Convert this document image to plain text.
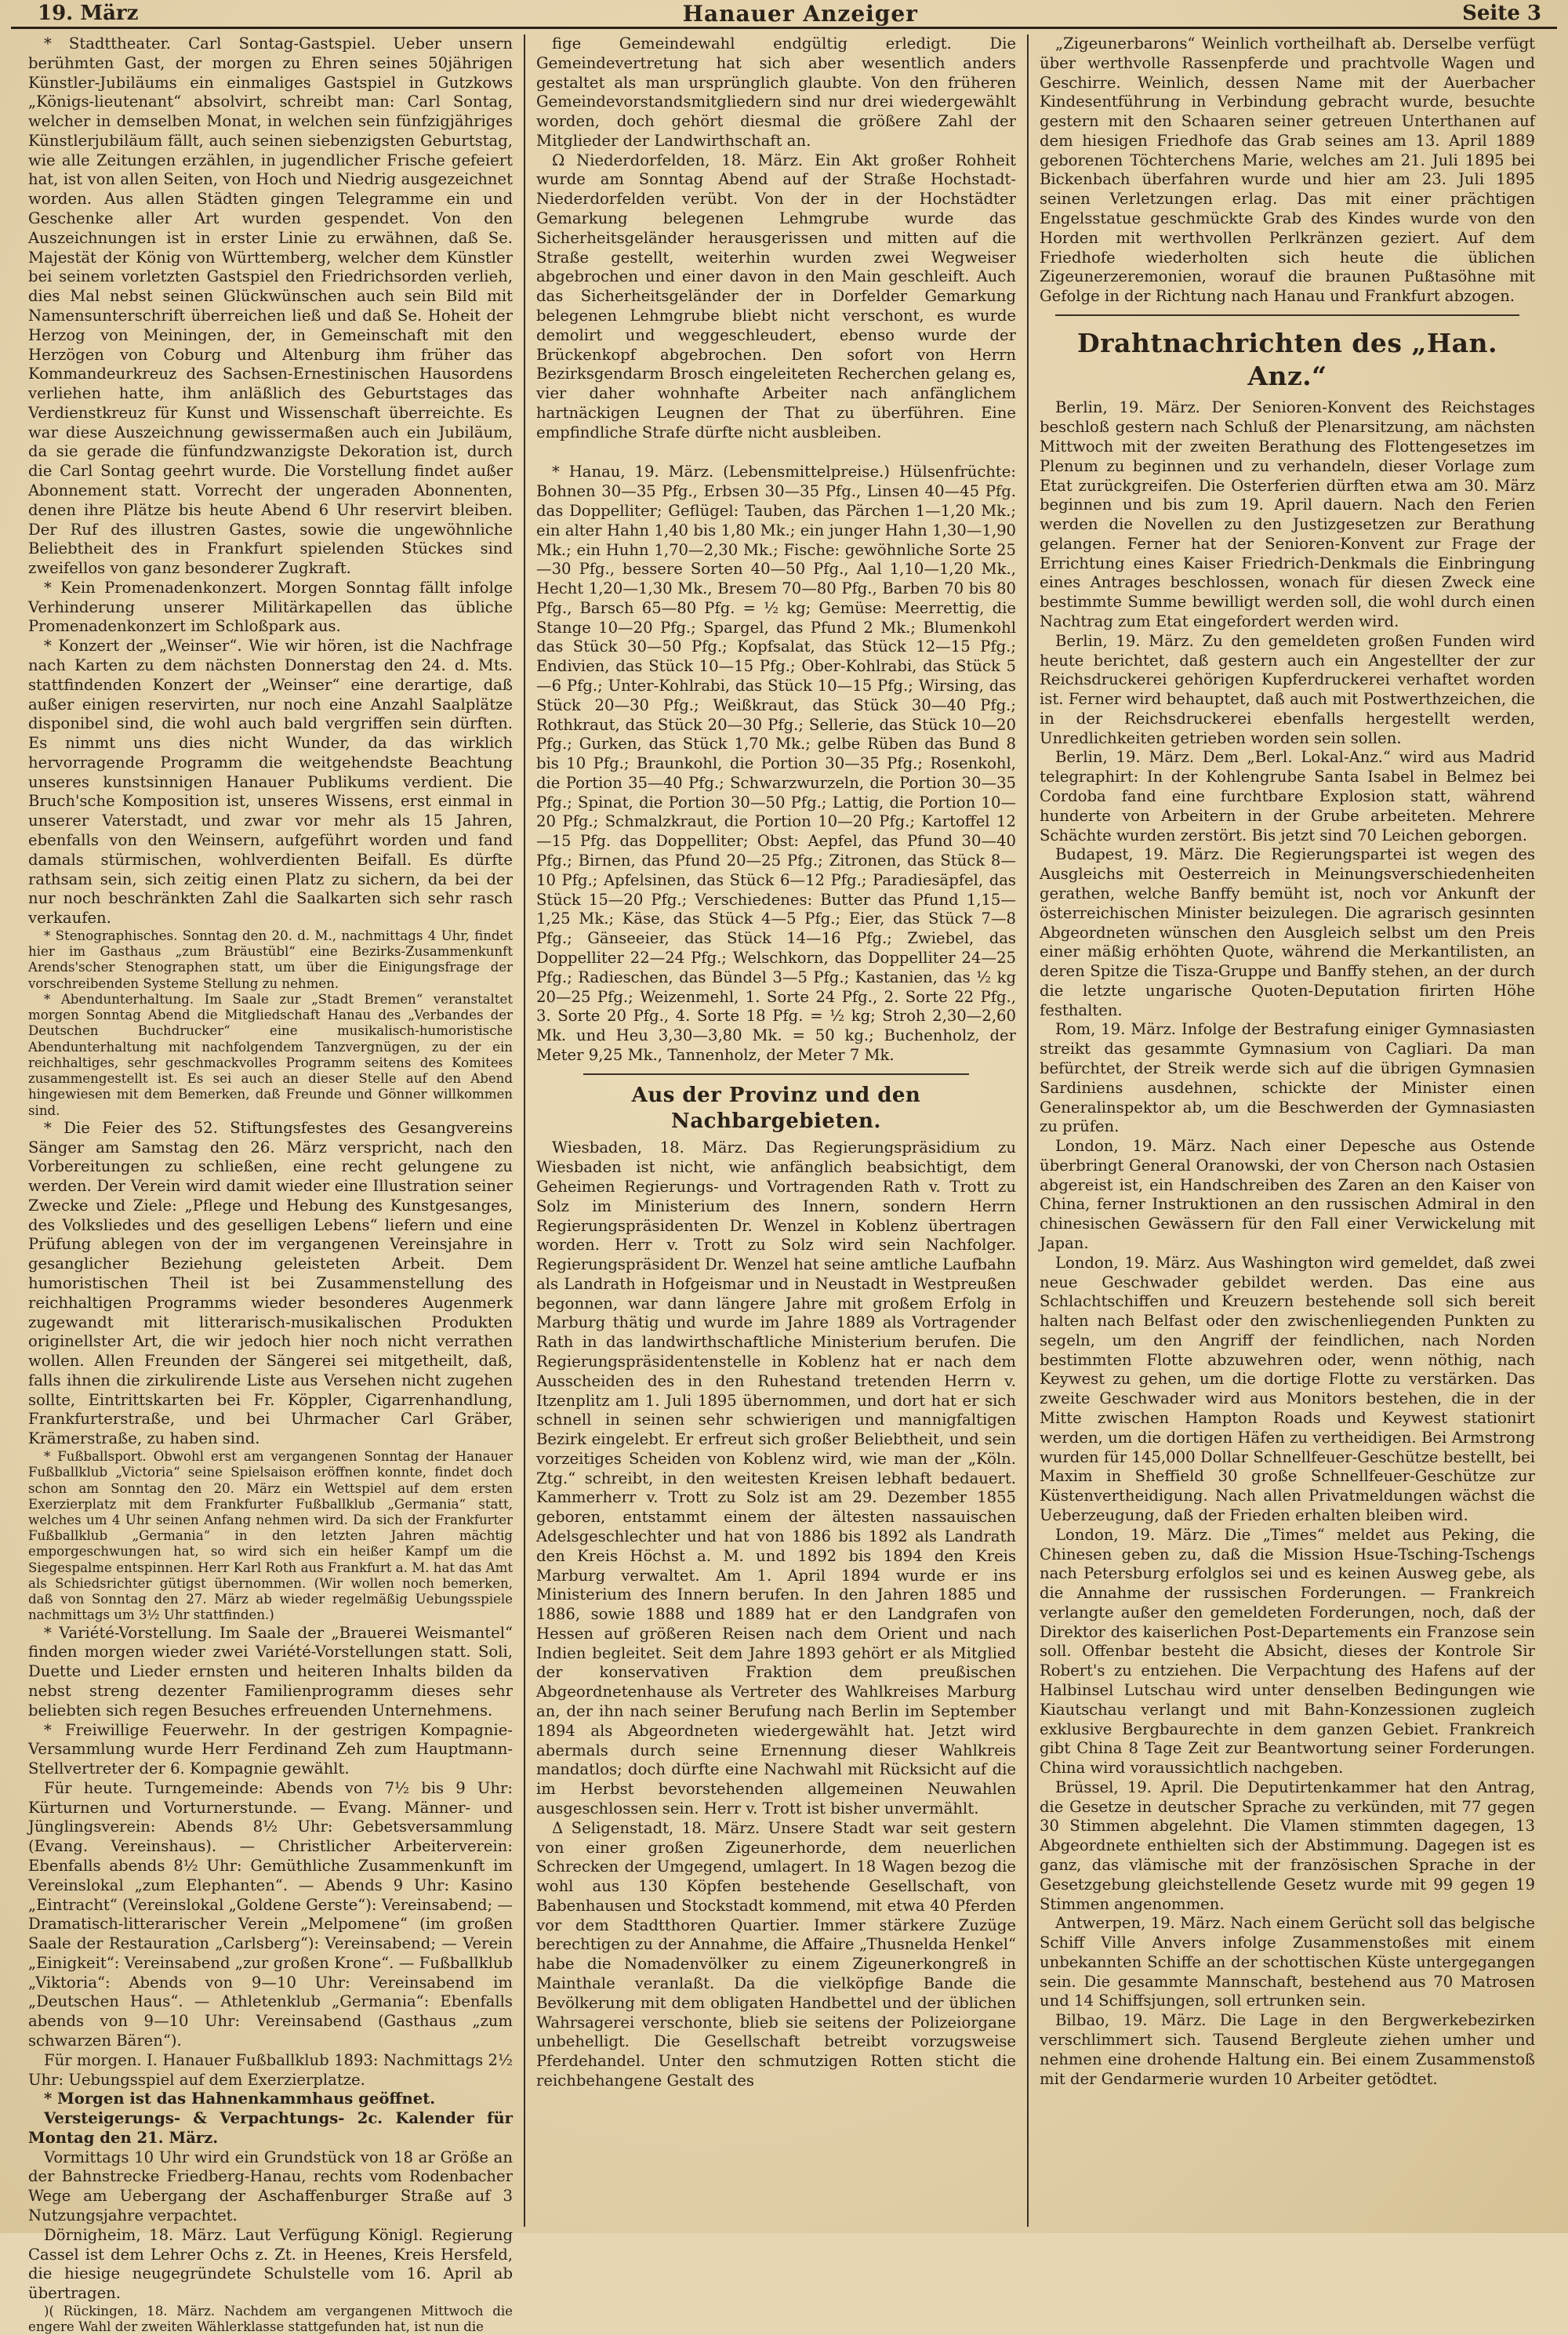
19. März	Hanauer Anzeiger	Seite 3

* Stadttheater. Carl Sontag-Gastspiel. Ueber unsern berühmten Gast, der morgen zu Ehren seines 50jährigen Künstler-Jubiläums ein einmaliges Gastspiel in Gutzkows „Königs-lieutenant“ absolvirt, schreibt man: Carl Sontag, welcher in demselben Monat, in welchen sein fünfzigjähriges Künstlerjubiläum fällt, auch seinen siebenzigsten Geburtstag, wie alle Zeitungen erzählen, in jugendlicher Frische gefeiert hat, ist von allen Seiten, von Hoch und Niedrig ausgezeichnet worden. Aus allen Städten gingen Telegramme ein und Geschenke aller Art wurden gespendet. Von den Auszeichnungen ist in erster Linie zu erwähnen, daß Se. Majestät der König von Württemberg, welcher dem Künstler bei seinem vorletzten Gastspiel den Friedrichsorden verlieh, dies Mal nebst seinen Glückwünschen auch sein Bild mit Namensunterschrift überreichen ließ und daß Se. Hoheit der Herzog von Meiningen, der, in Gemeinschaft mit den Herzögen von Coburg und Altenburg ihm früher das Kommandeurkreuz des Sachsen-Ernestinischen Hausordens verliehen hatte, ihm anläßlich des Geburtstages das Verdienstkreuz für Kunst und Wissenschaft überreichte. Es war diese Auszeichnung gewissermaßen auch ein Jubiläum, da sie gerade die fünfundzwanzigste Dekoration ist, durch die Carl Sontag geehrt wurde. Die Vorstellung findet außer Abonnement statt. Vorrecht der ungeraden Abonnenten, denen ihre Plätze bis heute Abend 6 Uhr reservirt bleiben. Der Ruf des illustren Gastes, sowie die ungewöhnliche Beliebtheit des in Frankfurt spielenden Stückes sind zweifellos von ganz besonderer Zugkraft.

* Kein Promenadenkonzert. Morgen Sonntag fällt infolge Verhinderung unserer Militärkapellen das übliche Promenadenkonzert im Schloßpark aus.

* Konzert der „Weinser“. Wie wir hören, ist die Nachfrage nach Karten zu dem nächsten Donnerstag den 24. d. Mts. stattfindenden Konzert der „Weinser“ eine derartige, daß außer einigen reservirten, nur noch eine Anzahl Saalplätze disponibel sind, die wohl auch bald vergriffen sein dürften. Es nimmt uns dies nicht Wunder, da das wirklich hervorragende Programm die weitgehendste Beachtung unseres kunstsinnigen Hanauer Publikums verdient. Die Bruch'sche Komposition ist, unseres Wissens, erst einmal in unserer Vaterstadt, und zwar vor mehr als 15 Jahren, ebenfalls von den Weinsern, aufgeführt worden und fand damals stürmischen, wohlverdienten Beifall. Es dürfte rathsam sein, sich zeitig einen Platz zu sichern, da bei der nur noch beschränkten Zahl die Saalkarten sich sehr rasch verkaufen.

* Stenographisches. Sonntag den 20. d. M., nachmittags 4 Uhr, findet hier im Gasthaus „zum Bräustübl“ eine Bezirks-Zusammenkunft Arends'scher Stenographen statt, um über die Einigungsfrage der vorschreibenden Systeme Stellung zu nehmen.

* Abendunterhaltung. Im Saale zur „Stadt Bremen“ veranstaltet morgen Sonntag Abend die Mitgliedschaft Hanau des „Verbandes der Deutschen Buchdrucker“ eine musikalisch-humoristische Abendunterhaltung mit nachfolgendem Tanzvergnügen, zu der ein reichhaltiges, sehr geschmackvolles Programm seitens des Komitees zusammengestellt ist. Es sei auch an dieser Stelle auf den Abend hingewiesen mit dem Bemerken, daß Freunde und Gönner willkommen sind.

* Die Feier des 52. Stiftungsfestes des Gesangvereins Sänger am Samstag den 26. März verspricht, nach den Vorbereitungen zu schließen, eine recht gelungene zu werden. Der Verein wird damit wieder eine Illustration seiner Zwecke und Ziele: „Pflege und Hebung des Kunstgesanges, des Volksliedes und des geselligen Lebens“ liefern und eine Prüfung ablegen von der im vergangenen Vereinsjahre in gesanglicher Beziehung geleisteten Arbeit. Dem humoristischen Theil ist bei Zusammenstellung des reichhaltigen Programms wieder besonderes Augenmerk zugewandt mit litterarisch-musikalischen Produkten originellster Art, die wir jedoch hier noch nicht verrathen wollen. Allen Freunden der Sängerei sei mitgetheilt, daß, falls ihnen die zirkulirende Liste aus Versehen nicht zugehen sollte, Eintrittskarten bei Fr. Köppler, Cigarrenhandlung, Frankfurterstraße, und bei Uhrmacher Carl Gräber, Krämerstraße, zu haben sind.

* Fußballsport. Obwohl erst am vergangenen Sonntag der Hanauer Fußballklub „Victoria“ seine Spielsaison eröffnen konnte, findet doch schon am Sonntag den 20. März ein Wettspiel auf dem ersten Exerzierplatz mit dem Frankfurter Fußballklub „Germania“ statt, welches um 4 Uhr seinen Anfang nehmen wird. Da sich der Frankfurter Fußballklub „Germania“ in den letzten Jahren mächtig emporgeschwungen hat, so wird sich ein heißer Kampf um die Siegespalme entspinnen. Herr Karl Roth aus Frankfurt a. M. hat das Amt als Schiedsrichter gütigst übernommen. (Wir wollen noch bemerken, daß von Sonntag den 27. März ab wieder regelmäßig Uebungsspiele nachmittags um 3½ Uhr stattfinden.)

* Variété-Vorstellung. Im Saale der „Brauerei Weismantel“ finden morgen wieder zwei Variété-Vorstellungen statt. Soli, Duette und Lieder ernsten und heiteren Inhalts bilden da nebst streng dezenter Familienprogramm dieses sehr beliebten sich regen Besuches erfreuenden Unternehmens.

* Freiwillige Feuerwehr. In der gestrigen Kompagnie-Versammlung wurde Herr Ferdinand Zeh zum Hauptmann-Stellvertreter der 6. Kompagnie gewählt.

Für heute. Turngemeinde: Abends von 7½ bis 9 Uhr: Kürturnen und Vorturnerstunde. — Evang. Männer- und Jünglingsverein: Abends 8½ Uhr: Gebetsversammlung (Evang. Vereinshaus). — Christlicher Arbeiterverein: Ebenfalls abends 8½ Uhr: Gemüthliche Zusammenkunft im Vereinslokal „zum Elephanten“. — Abends 9 Uhr: Kasino „Eintracht“ (Vereinslokal „Goldene Gerste“): Vereinsabend; — Dramatisch-litterarischer Verein „Melpomene“ (im großen Saale der Restauration „Carlsberg“): Vereinsabend; — Verein „Einigkeit“: Vereinsabend „zur großen Krone“. — Fußballklub „Viktoria“: Abends von 9—10 Uhr: Vereinsabend im „Deutschen Haus“. — Athletenklub „Germania“: Ebenfalls abends von 9—10 Uhr: Vereinsabend (Gasthaus „zum schwarzen Bären“).

Für morgen. I. Hanauer Fußballklub 1893: Nachmittags 2½ Uhr: Uebungsspiel auf dem Exerzierplatze.

* Morgen ist das Hahnenkammhaus geöffnet.

Versteigerungs- & Verpachtungs- 2c. Kalender für Montag den 21. März.

Vormittags 10 Uhr wird ein Grundstück von 18 ar Größe an der Bahnstrecke Friedberg-Hanau, rechts vom Rodenbacher Wege am Uebergang der Aschaffenburger Straße auf 3 Nutzungsjahre verpachtet.

Dörnigheim, 18. März. Laut Verfügung Königl. Regierung Cassel ist dem Lehrer Ochs z. Zt. in Heenes, Kreis Hersfeld, die hiesige neugegründete Schulstelle vom 16. April ab übertragen.

)( Rückingen, 18. März. Nachdem am vergangenen Mittwoch die engere Wahl der zweiten Wählerklasse stattgefunden hat, ist nun die

fige Gemeindewahl endgültig erledigt. Die Gemeindevertretung hat sich aber wesentlich anders gestaltet als man ursprünglich glaubte. Von den früheren Gemeindevorstandsmitgliedern sind nur drei wiedergewählt worden, doch gehört diesmal die größere Zahl der Mitglieder der Landwirthschaft an.

Ω Niederdorfelden, 18. März. Ein Akt großer Rohheit wurde am Sonntag Abend auf der Straße Hochstadt-Niederdorfelden verübt. Von der in der Hochstädter Gemarkung belegenen Lehmgrube wurde das Sicherheitsgeländer herausgerissen und mitten auf die Straße gestellt, weiterhin wurden zwei Wegweiser abgebrochen und einer davon in den Main geschleift. Auch das Sicherheitsgeländer der in Dorfelder Gemarkung belegenen Lehmgrube bliebt nicht verschont, es wurde demolirt und weggeschleudert, ebenso wurde der Brückenkopf abgebrochen. Den sofort von Herrn Bezirksgendarm Brosch eingeleiteten Recherchen gelang es, vier daher wohnhafte Arbeiter nach anfänglichem hartnäckigen Leugnen der That zu überführen. Eine empfindliche Strafe dürfte nicht ausbleiben.

* Hanau, 19. März. (Lebensmittelpreise.) Hülsenfrüchte: Bohnen 30—35 Pfg., Erbsen 30—35 Pfg., Linsen 40—45 Pfg. das Doppelliter; Geflügel: Tauben, das Pärchen 1—1,20 Mk.; ein alter Hahn 1,40 bis 1,80 Mk.; ein junger Hahn 1,30—1,90 Mk.; ein Huhn 1,70—2,30 Mk.; Fische: gewöhnliche Sorte 25—30 Pfg., bessere Sorten 40—50 Pfg., Aal 1,10—1,20 Mk., Hecht 1,20—1,30 Mk., Bresem 70—80 Pfg., Barben 70 bis 80 Pfg., Barsch 65—80 Pfg. = ½ kg; Gemüse: Meerrettig, die Stange 10—20 Pfg.; Spargel, das Pfund 2 Mk.; Blumenkohl das Stück 30—50 Pfg.; Kopfsalat, das Stück 12—15 Pfg.; Endivien, das Stück 10—15 Pfg.; Ober-Kohlrabi, das Stück 5—6 Pfg.; Unter-Kohlrabi, das Stück 10—15 Pfg.; Wirsing, das Stück 20—30 Pfg.; Weißkraut, das Stück 30—40 Pfg.; Rothkraut, das Stück 20—30 Pfg.; Sellerie, das Stück 10—20 Pfg.; Gurken, das Stück 1,70 Mk.; gelbe Rüben das Bund 8 bis 10 Pfg.; Braunkohl, die Portion 30—35 Pfg.; Rosenkohl, die Portion 35—40 Pfg.; Schwarzwurzeln, die Portion 30—35 Pfg.; Spinat, die Portion 30—50 Pfg.; Lattig, die Portion 10—20 Pfg.; Schmalzkraut, die Portion 10—20 Pfg.; Kartoffel 12—15 Pfg. das Doppelliter; Obst: Aepfel, das Pfund 30—40 Pfg.; Birnen, das Pfund 20—25 Pfg.; Zitronen, das Stück 8—10 Pfg.; Apfelsinen, das Stück 6—12 Pfg.; Paradiesäpfel, das Stück 15—20 Pfg.; Verschiedenes: Butter das Pfund 1,15—1,25 Mk.; Käse, das Stück 4—5 Pfg.; Eier, das Stück 7—8 Pfg.; Gänseeier, das Stück 14—16 Pfg.; Zwiebel, das Doppelliter 22—24 Pfg.; Welschkorn, das Doppelliter 24—25 Pfg.; Radieschen, das Bündel 3—5 Pfg.; Kastanien, das ½ kg 20—25 Pfg.; Weizenmehl, 1. Sorte 24 Pfg., 2. Sorte 22 Pfg., 3. Sorte 20 Pfg., 4. Sorte 18 Pfg. = ½ kg; Stroh 2,30—2,60 Mk. und Heu 3,30—3,80 Mk. = 50 kg.; Buchenholz, der Meter 9,25 Mk., Tannenholz, der Meter 7 Mk.

Aus der Provinz und den Nachbargebieten.

Wiesbaden, 18. März. Das Regierungspräsidium zu Wiesbaden ist nicht, wie anfänglich beabsichtigt, dem Geheimen Regierungs- und Vortragenden Rath v. Trott zu Solz im Ministerium des Innern, sondern Herrn Regierungspräsidenten Dr. Wenzel in Koblenz übertragen worden. Herr v. Trott zu Solz wird sein Nachfolger. Regierungspräsident Dr. Wenzel hat seine amtliche Laufbahn als Landrath in Hofgeismar und in Neustadt in Westpreußen begonnen, war dann längere Jahre mit großem Erfolg in Marburg thätig und wurde im Jahre 1889 als Vortragender Rath in das landwirthschaftliche Ministerium berufen. Die Regierungspräsidentenstelle in Koblenz hat er nach dem Ausscheiden des in den Ruhestand tretenden Herrn v. Itzenplitz am 1. Juli 1895 übernommen, und dort hat er sich schnell in seinen sehr schwierigen und mannigfaltigen Bezirk eingelebt. Er erfreut sich großer Beliebtheit, und sein vorzeitiges Scheiden von Koblenz wird, wie man der „Köln. Ztg.“ schreibt, in den weitesten Kreisen lebhaft bedauert. Kammerherr v. Trott zu Solz ist am 29. Dezember 1855 geboren, entstammt einem der ältesten nassauischen Adelsgeschlechter und hat von 1886 bis 1892 als Landrath den Kreis Höchst a. M. und 1892 bis 1894 den Kreis Marburg verwaltet. Am 1. April 1894 wurde er ins Ministerium des Innern berufen. In den Jahren 1885 und 1886, sowie 1888 und 1889 hat er den Landgrafen von Hessen auf größeren Reisen nach dem Orient und nach Indien begleitet. Seit dem Jahre 1893 gehört er als Mitglied der konservativen Fraktion dem preußischen Abgeordnetenhause als Vertreter des Wahlkreises Marburg an, der ihn nach seiner Berufung nach Berlin im September 1894 als Abgeordneten wiedergewählt hat. Jetzt wird abermals durch seine Ernennung dieser Wahlkreis mandatlos; doch dürfte eine Nachwahl mit Rücksicht auf die im Herbst bevorstehenden allgemeinen Neuwahlen ausgeschlossen sein. Herr v. Trott ist bisher unvermählt.

Δ Seligenstadt, 18. März. Unsere Stadt war seit gestern von einer großen Zigeunerhorde, dem neuerlichen Schrecken der Umgegend, umlagert. In 18 Wagen bezog die wohl aus 130 Köpfen bestehende Gesellschaft, von Babenhausen und Stockstadt kommend, mit etwa 40 Pferden vor dem Stadtthoren Quartier. Immer stärkere Zuzüge berechtigen zu der Annahme, die Affaire „Thusnelda Henkel“ habe die Nomadenvölker zu einem Zigeunerkongreß in Mainthale veranlaßt. Da die vielköpfige Bande die Bevölkerung mit dem obligaten Handbettel und der üblichen Wahrsagerei verschonte, blieb sie seitens der Polizeiorgane unbehelligt. Die Gesellschaft betreibt vorzugsweise Pferdehandel. Unter den schmutzigen Rotten sticht die reichbehangene Gestalt des

„Zigeunerbarons“ Weinlich vortheilhaft ab. Derselbe verfügt über werthvolle Rassenpferde und prachtvolle Wagen und Geschirre. Weinlich, dessen Name mit der Auerbacher Kindesentführung in Verbindung gebracht wurde, besuchte gestern mit den Schaaren seiner getreuen Unterthanen auf dem hiesigen Friedhofe das Grab seines am 13. April 1889 geborenen Töchterchens Marie, welches am 21. Juli 1895 bei Bickenbach überfahren wurde und hier am 23. Juli 1895 seinen Verletzungen erlag. Das mit einer prächtigen Engelsstatue geschmückte Grab des Kindes wurde von den Horden mit werthvollen Perlkränzen geziert. Auf dem Friedhofe wiederholten sich heute die üblichen Zigeunerzeremonien, worauf die braunen Pußtasöhne mit Gefolge in der Richtung nach Hanau und Frankfurt abzogen.

Drahtnachrichten des „Han. Anz.“

Berlin, 19. März. Der Senioren-Konvent des Reichstages beschloß gestern nach Schluß der Plenarsitzung, am nächsten Mittwoch mit der zweiten Berathung des Flottengesetzes im Plenum zu beginnen und zu verhandeln, dieser Vorlage zum Etat zurückgreifen. Die Osterferien dürften etwa am 30. März beginnen und bis zum 19. April dauern. Nach den Ferien werden die Novellen zu den Justizgesetzen zur Berathung gelangen. Ferner hat der Senioren-Konvent zur Frage der Errichtung eines Kaiser Friedrich-Denkmals die Einbringung eines Antrages beschlossen, wonach für diesen Zweck eine bestimmte Summe bewilligt werden soll, die wohl durch einen Nachtrag zum Etat eingefordert werden wird.

Berlin, 19. März. Zu den gemeldeten großen Funden wird heute berichtet, daß gestern auch ein Angestellter der zur Reichsdruckerei gehörigen Kupferdruckerei verhaftet worden ist. Ferner wird behauptet, daß auch mit Postwerthzeichen, die in der Reichsdruckerei ebenfalls hergestellt werden, Unredlichkeiten getrieben worden sein sollen.

Berlin, 19. März. Dem „Berl. Lokal-Anz.“ wird aus Madrid telegraphirt: In der Kohlengrube Santa Isabel in Belmez bei Cordoba fand eine furchtbare Explosion statt, während hunderte von Arbeitern in der Grube arbeiteten. Mehrere Schächte wurden zerstört. Bis jetzt sind 70 Leichen geborgen.

Budapest, 19. März. Die Regierungspartei ist wegen des Ausgleichs mit Oesterreich in Meinungsverschiedenheiten gerathen, welche Banffy bemüht ist, noch vor Ankunft der österreichischen Minister beizulegen. Die agrarisch gesinnten Abgeordneten wünschen den Ausgleich selbst um den Preis einer mäßig erhöhten Quote, während die Merkantilisten, an deren Spitze die Tisza-Gruppe und Banffy stehen, an der durch die letzte ungarische Quoten-Deputation firirten Höhe festhalten.

Rom, 19. März. Infolge der Bestrafung einiger Gymnasiasten streikt das gesammte Gymnasium von Cagliari. Da man befürchtet, der Streik werde sich auf die übrigen Gymnasien Sardiniens ausdehnen, schickte der Minister einen Generalinspektor ab, um die Beschwerden der Gymnasiasten zu prüfen.

London, 19. März. Nach einer Depesche aus Ostende überbringt General Oranowski, der von Cherson nach Ostasien abgereist ist, ein Handschreiben des Zaren an den Kaiser von China, ferner Instruktionen an den russischen Admiral in den chinesischen Gewässern für den Fall einer Verwickelung mit Japan.

London, 19. März. Aus Washington wird gemeldet, daß zwei neue Geschwader gebildet werden. Das eine aus Schlachtschiffen und Kreuzern bestehende soll sich bereit halten nach Belfast oder den zwischenliegenden Punkten zu segeln, um den Angriff der feindlichen, nach Norden bestimmten Flotte abzuwehren oder, wenn nöthig, nach Keywest zu gehen, um die dortige Flotte zu verstärken. Das zweite Geschwader wird aus Monitors bestehen, die in der Mitte zwischen Hampton Roads und Keywest stationirt werden, um die dortigen Häfen zu vertheidigen. Bei Armstrong wurden für 145,000 Dollar Schnellfeuer-Geschütze bestellt, bei Maxim in Sheffield 30 große Schnellfeuer-Geschütze zur Küstenvertheidigung. Nach allen Privatmeldungen wächst die Ueberzeugung, daß der Frieden erhalten bleiben wird.

London, 19. März. Die „Times“ meldet aus Peking, die Chinesen geben zu, daß die Mission Hsue-Tsching-Tschengs nach Petersburg erfolglos sei und es keinen Ausweg gebe, als die Annahme der russischen Forderungen. — Frankreich verlangte außer den gemeldeten Forderungen, noch, daß der Direktor des kaiserlichen Post-Departements ein Franzose sein soll. Offenbar besteht die Absicht, dieses der Kontrole Sir Robert's zu entziehen. Die Verpachtung des Hafens auf der Halbinsel Lutschau wird unter denselben Bedingungen wie Kiautschau verlangt und mit Bahn-Konzessionen zugleich exklusive Bergbaurechte in dem ganzen Gebiet. Frankreich gibt China 8 Tage Zeit zur Beantwortung seiner Forderungen. China wird voraussichtlich nachgeben.

Brüssel, 19. April. Die Deputirtenkammer hat den Antrag, die Gesetze in deutscher Sprache zu verkünden, mit 77 gegen 30 Stimmen abgelehnt. Die Vlamen stimmten dagegen, 13 Abgeordnete enthielten sich der Abstimmung. Dagegen ist es ganz, das vlämische mit der französischen Sprache in der Gesetzgebung gleichstellende Gesetz wurde mit 99 gegen 19 Stimmen angenommen.

Antwerpen, 19. März. Nach einem Gerücht soll das belgische Schiff Ville Anvers infolge Zusammenstoßes mit einem unbekannten Schiffe an der schottischen Küste untergegangen sein. Die gesammte Mannschaft, bestehend aus 70 Matrosen und 14 Schiffsjungen, soll ertrunken sein.

Bilbao, 19. März. Die Lage in den Bergwerkebezirken verschlimmert sich. Tausend Bergleute ziehen umher und nehmen eine drohende Haltung ein. Bei einem Zusammenstoß mit der Gendarmerie wurden 10 Arbeiter getödtet.
